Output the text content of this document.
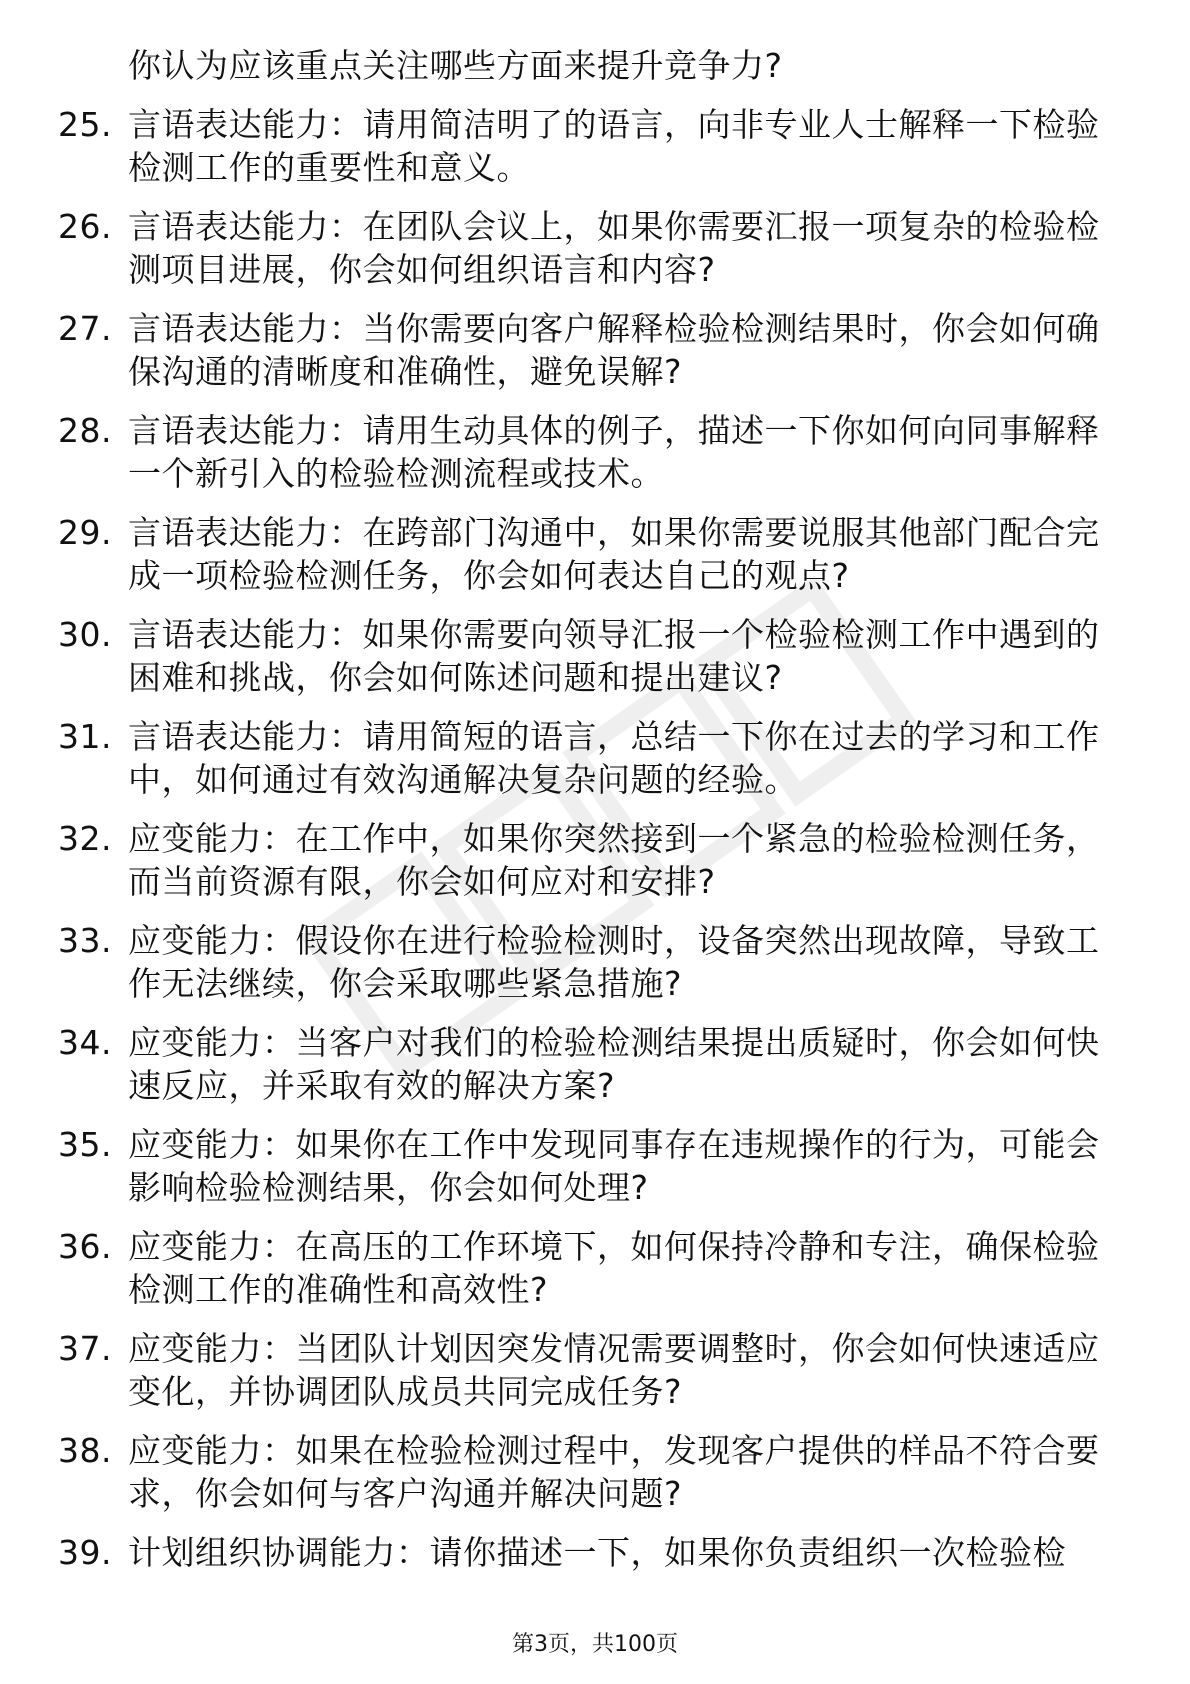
你认为应该重点关注哪些方面来提升竞争力?
25. 言语表达能力：请用简洁明了的语言，向非专业人士解释一下检验检测工作的重要性和意义。
26. 言语表达能力：在团队会议上，如果你需要汇报一项复杂的检验检测项目进展，你会如何组织语言和内容?
27. 言语表达能力：当你需要向客户解释检验检测结果时，你会如何确保沟通的清晰度和准确性，避免误解?
28. 言语表达能力：请用生动具体的例子，描述一下你如何向同事解释一个新引入的检验检测流程或技术。
29. 言语表达能力：在跨部门沟通中，如果你需要说服其他部门配合完成一项检验检测任务，你会如何表达自己的观点?
30. 言语表达能力：如果你需要向领导汇报一个检验检测工作中遇到的困难和挑战，你会如何陈述问题和提出建议?
31. 言语表达能力：请用简短的语言，总结一下你在过去的学习和工作中，如何通过有效沟通解决复杂问题的经验。
32. 应变能力：在工作中，如果你突然接到一个紧急的检验检测任务，而当前资源有限，你会如何应对和安排?
33. 应变能力：假设你在进行检验检测时，设备突然出现故障，导致工作无法继续，你会采取哪些紧急措施?
34. 应变能力：当客户对我们的检验检测结果提出质疑时，你会如何快速反应，并采取有效的解决方案?
35. 应变能力：如果你在工作中发现同事存在违规操作的行为，可能会影响检验检测结果，你会如何处理?
36. 应变能力：在高压的工作环境下，如何保持冷静和专注，确保检验检测工作的准确性和高效性?
37. 应变能力：当团队计划因突发情况需要调整时，你会如何快速适应变化，并协调团队成员共同完成任务?
38. 应变能力：如果在检验检测过程中，发现客户提供的样品不符合要求，你会如何与客户沟通并解决问题?
39. 计划组织协调能力：请你描述一下，如果你负责组织一次检验检
第3页，共100页
